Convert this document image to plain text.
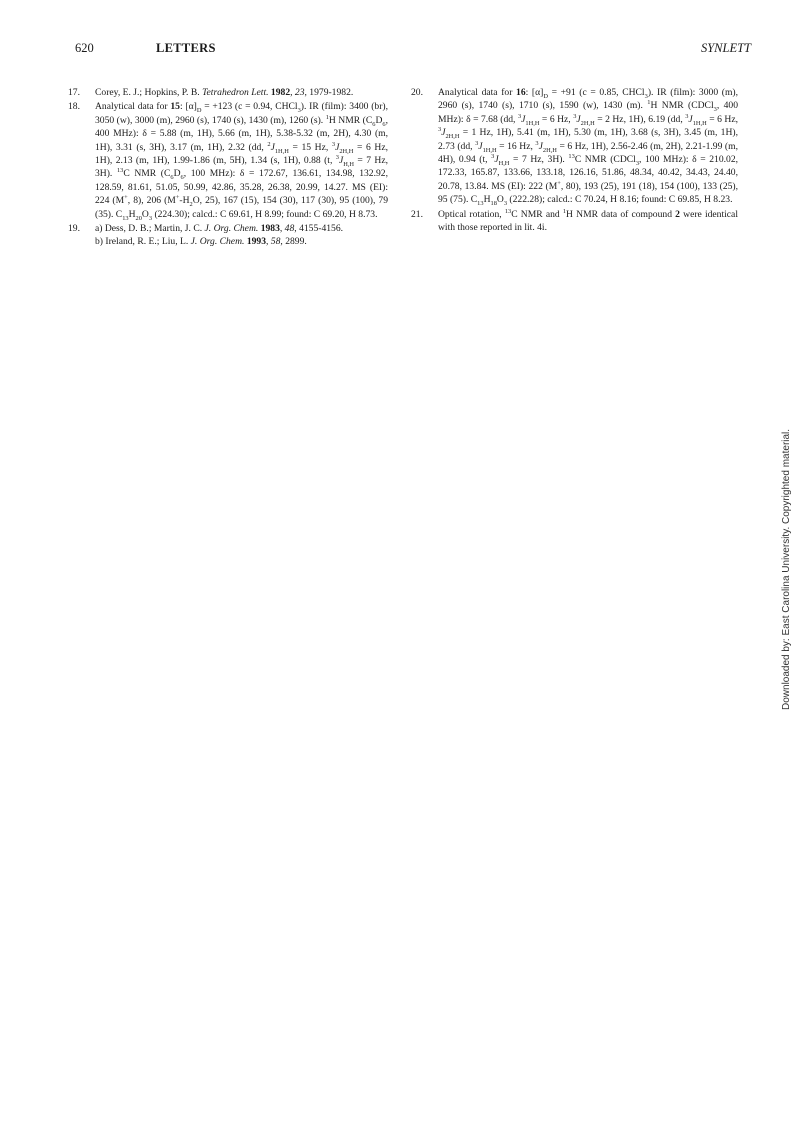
620	LETTERS	SYNLETT
17. Corey, E. J.; Hopkins, P. B. Tetrahedron Lett. 1982, 23, 1979-1982.
18. Analytical data for 15: $[\alpha]_D = +123$ (c = 0.94, CHCl$_3$). IR (film): 3400 (br), 3050 (w), 3000 (m), 2960 (s), 1740 (s), 1430 (m), 1260 (s). $^1$H NMR ($C_6D_6$, 400 MHz): δ = 5.88 (m, 1H), 5.66 (m, 1H), 5.38-5.32 (m, 2H), 4.30 (m, 1H), 3.31 (s, 3H), 3.17 (m, 1H), 2.32 (dd, $^2J_{1H,H} = 15$ Hz, $^3J_{2H,H} = 6$ Hz, 1H), 2.13 (m, 1H), 1.99-1.86 (m, 5H), 1.34 (s, 1H), 0.88 (t, $^3J_{H,H} = 7$ Hz, 3H). $^{13}$C NMR ($C_6D_6$, 100 MHz): δ = 172.67, 136.61, 134.98, 132.92, 128.59, 81.61, 51.05, 50.99, 42.86, 35.28, 26.38, 20.99, 14.27. MS (EI): 224 (M+, 8), 206 ($M^+-H_2O$, 25), 167 (15), 154 (30), 117 (30), 95 (100), 79 (35). $C_{13}H_{20}O_3$ (224.30); calcd.: C 69.61, H 8.99; found: C 69.20, H 8.73.
19. a) Dess, D. B.; Martin, J. C. J. Org. Chem. 1983, 48, 4155-4156.
b) Ireland, R. E.; Liu, L. J. Org. Chem. 1993, 58, 2899.
20. Analytical data for 16: $[\alpha]_D = +91$ (c = 0.85, CHCl$_3$). IR (film): 3000 (m), 2960 (s), 1740 (s), 1710 (s), 1590 (w), 1430 (m). $^1$H NMR (CDCl$_3$, 400 MHz): δ = 7.68 (dd, $^3J_{1H,H} = 6$ Hz, $^3J_{2H,H} = 2$ Hz, 1H), 6.19 (dd, $^3J_{1H,H} = 6$ Hz, $^3J_{2H,H} = 1$ Hz, 1H), 5.41 (m, 1H), 5.30 (m, 1H), 3.68 (s, 3H), 3.45 (m, 1H), 2.73 (dd, $^3J_{1H,H} = 16$ Hz, $^3J_{2H,H} = 6$ Hz, 1H), 2.56-2.46 (m, 2H), 2.21-1.99 (m, 4H), 0.94 (t, $^3J_{H,H} = 7$ Hz, 3H). $^{13}$C NMR (CDCl$_3$, 100 MHz): δ = 210.02, 172.33, 165.87, 133.66, 133.18, 126.16, 51.86, 48.34, 40.42, 34.43, 24.40, 20.78, 13.84. MS (EI): 222 (M+, 80), 193 (25), 191 (18), 154 (100), 133 (25), 95 (75). $C_{13}H_{18}O_3$ (222.28); calcd.: C 70.24, H 8.16; found: C 69.85, H 8.23.
21. Optical rotation, $^{13}$C NMR and $^1$H NMR data of compound 2 were identical with those reported in lit. 4i.
Downloaded by: East Carolina University. Copyrighted material.
